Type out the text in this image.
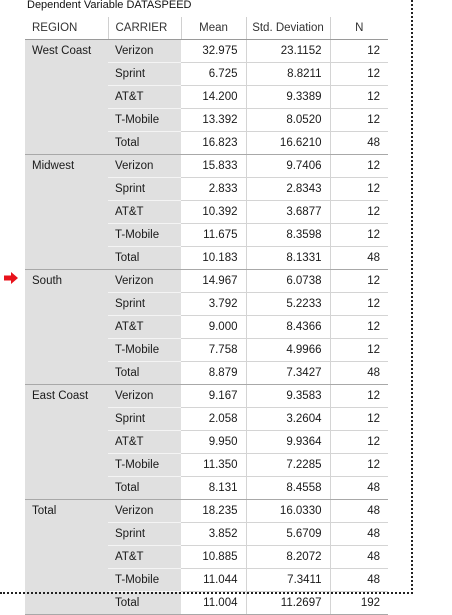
Dependent Variable DATASPEED
REGION	CARRIER	Mean	Std. Deviation	N
West Coast	Verizon	32.975	23.1152	12
	Sprint	6.725	8.8211	12
	AT&T	14.200	9.3389	12
	T-Mobile	13.392	8.0520	12
	Total	16.823	16.6210	48
Midwest	Verizon	15.833	9.7406	12
	Sprint	2.833	2.8343	12
	AT&T	10.392	3.6877	12
	T-Mobile	11.675	8.3598	12
	Total	10.183	8.1331	48
South	Verizon	14.967	6.0738	12
	Sprint	3.792	5.2233	12
	AT&T	9.000	8.4366	12
	T-Mobile	7.758	4.9966	12
	Total	8.879	7.3427	48
East Coast	Verizon	9.167	9.3583	12
	Sprint	2.058	3.2604	12
	AT&T	9.950	9.9364	12
	T-Mobile	11.350	7.2285	12
	Total	8.131	8.4558	48
Total	Verizon	18.235	16.0330	48
	Sprint	3.852	5.6709	48
	AT&T	10.885	8.2072	48
	T-Mobile	11.044	7.3411	48
	Total	11.004	11.2697	192
